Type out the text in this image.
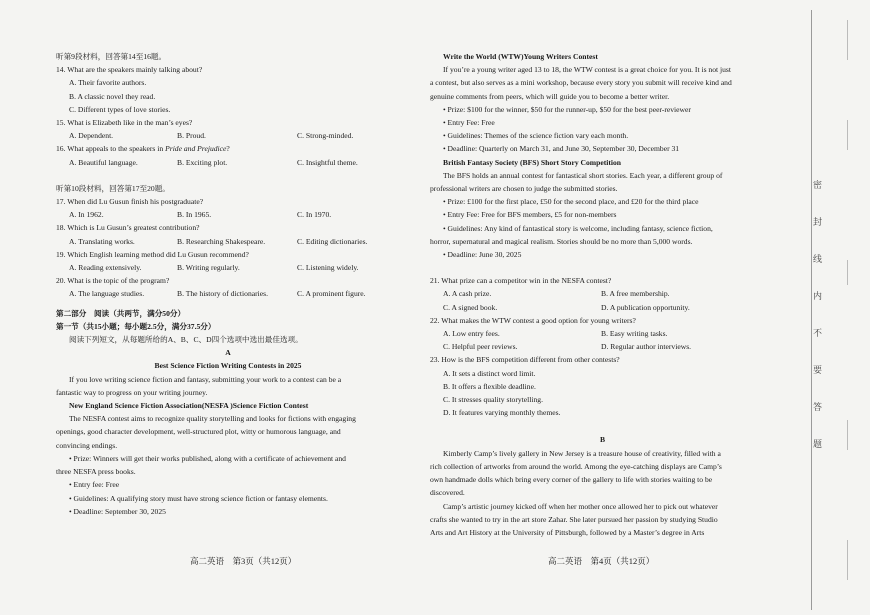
听第9段材料，回答第14至16题。
14. What are the speakers mainly talking about?
A. Their favorite authors.
B. A classic novel they read.
C. Different types of love stories.
15. What is Elizabeth like in the man’s eyes?
A. Dependent.	B. Proud.	C. Strong-minded.
16. What appeals to the speakers in Pride and Prejudice?
A. Beautiful language.	B. Exciting plot.	C. Insightful theme.
听第10段材料，回答第17至20题。
17. When did Lu Gusun finish his postgraduate?
A. In 1962.	B. In 1965.	C. In 1970.
18. Which is Lu Gusun’s greatest contribution?
A. Translating works.	B. Researching Shakespeare.	C. Editing dictionaries.
19. Which English learning method did Lu Gusun recommend?
A. Reading extensively.	B. Writing regularly.	C. Listening widely.
20. What is the topic of the program?
A. The language studies.	B. The history of dictionaries.	C. A prominent figure.
第二部分　阅读（共两节，满分50分）
第一节（共15小题；每小题2.5分，满分37.5分）
阅读下列短文，从每题所给的A、B、C、D四个选项中选出最佳选项。
A
Best Science Fiction Writing Contests in 2025
If you love writing science fiction and fantasy, submitting your work to a contest can be a
fantastic way to progress on your writing journey.
New England Science Fiction Association(NESFA )Science Fiction Contest
The NESFA contest aims to recognize quality storytelling and looks for fictions with engaging
openings, good character development, well-structured plot, witty or humorous language, and
convincing endings.
• Prize: Winners will get their works published, along with a certificate of achievement and
three NESFA press books.
• Entry fee: Free
• Guidelines: A qualifying story must have strong science fiction or fantasy elements.
• Deadline: September 30, 2025
高二英语　第3页（共12页）
Write the World (WTW)Young Writers Contest
If you’re a young writer aged 13 to 18, the WTW contest is a great choice for you. It is not just
a contest, but also serves as a mini workshop, because every story you submit will receive kind and
genuine comments from peers, which will guide you to become a better writer.
• Prize: $100 for the winner, $50 for the runner-up, $50 for the best peer-reviewer
• Entry Fee: Free
• Guidelines: Themes of the science fiction vary each month.
• Deadline: Quarterly on March 31, and June 30, September 30, December 31
British Fantasy Society (BFS) Short Story Competition
The BFS holds an annual contest for fantastical short stories. Each year, a different group of
professional writers are chosen to judge the submitted stories.
• Prize: £100 for the first place, £50 for the second place, and £20 for the third place
• Entry Fee: Free for BFS members, £5 for non-members
• Guidelines: Any kind of fantastical story is welcome, including fantasy, science fiction,
horror, supernatural and magical realism. Stories should be no more than 5,000 words.
• Deadline: June 30, 2025
21. What prize can a competitor win in the NESFA contest?
A. A cash prize.	B. A free membership.
C. A signed book.	D. A publication opportunity.
22. What makes the WTW contest a good option for young writers?
A. Low entry fees.	B. Easy writing tasks.
C. Helpful peer reviews.	D. Regular author interviews.
23. How is the BFS competition different from other contests?
A. It sets a distinct word limit.
B. It offers a flexible deadline.
C. It stresses quality storytelling.
D. It features varying monthly themes.
B
Kimberly Camp’s lively gallery in New Jersey is a treasure house of creativity, filled with a
rich collection of artworks from around the world. Among the eye-catching displays are Camp’s
own handmade dolls which bring every corner of the gallery to life with stories waiting to be
discovered.
Camp’s artistic journey kicked off when her mother once allowed her to pick out whatever
crafts she wanted to try in the art store Zahar. She later pursued her passion by studying Studio
Arts and Art History at the University of Pittsburgh, followed by a Master’s degree in Arts
高二英语　第4页（共12页）
密封线内不要答题
